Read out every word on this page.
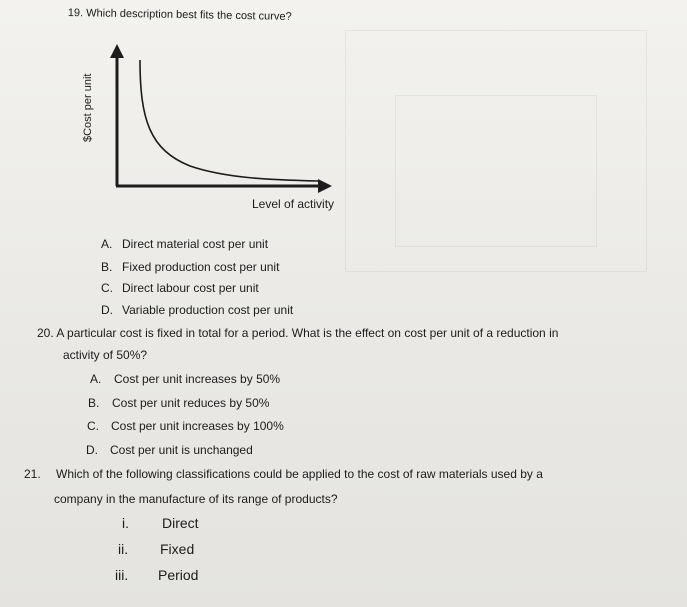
19. Which description best fits the cost curve?
$Cost per unit
Level of activity
A. Direct material cost per unit
B. Fixed production cost per unit
C. Direct labour cost per unit
D. Variable production cost per unit
20. A particular cost is fixed in total for a period. What is the effect on cost per unit of a reduction in
activity of 50%?
A. Cost per unit increases by 50%
B. Cost per unit reduces by 50%
C. Cost per unit increases by 100%
D. Cost per unit is unchanged
21. Which of the following classifications could be applied to the cost of raw materials used by a
company in the manufacture of its range of products?
i. Direct
ii. Fixed
iii. Period
